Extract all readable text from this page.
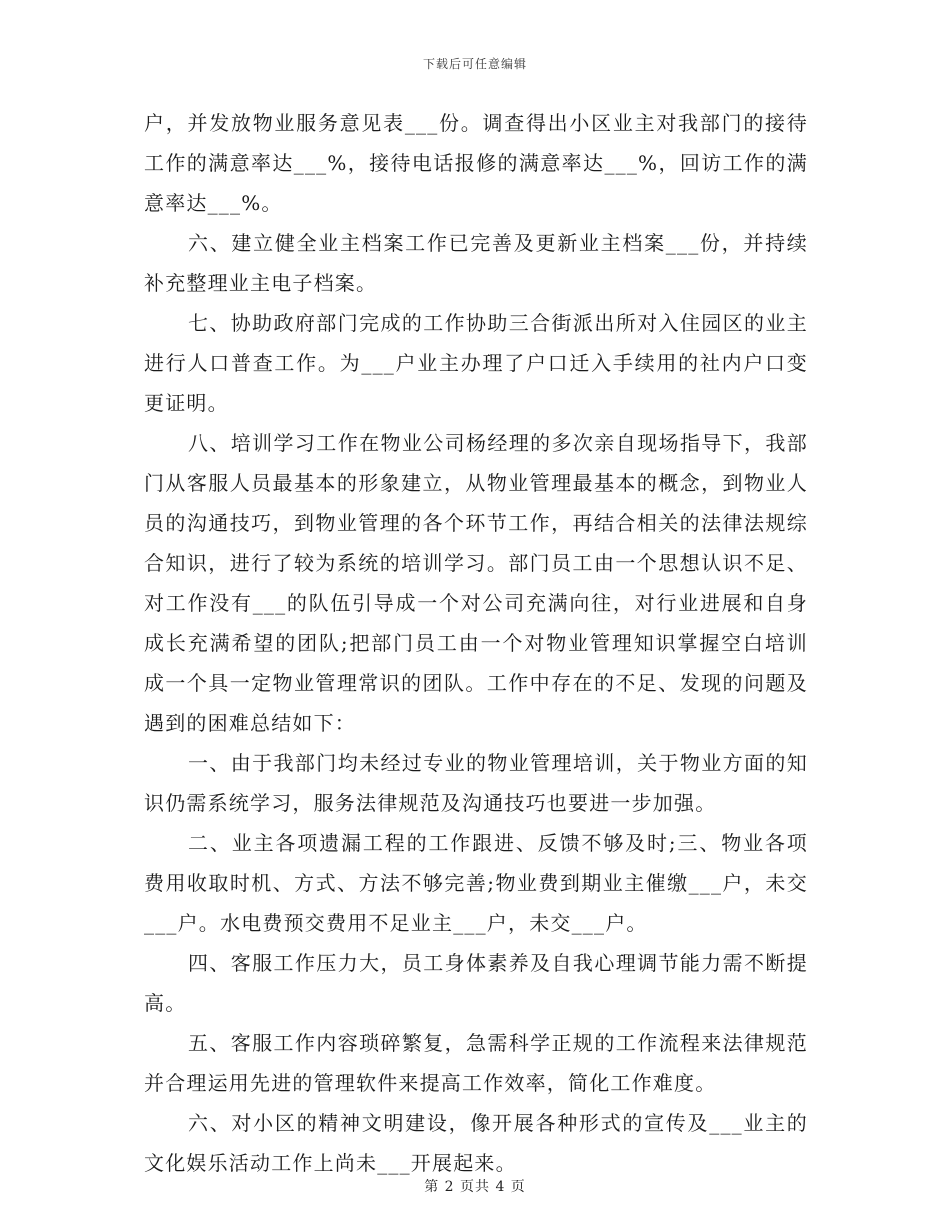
下载后可任意编辑

户，并发放物业服务意见表___份。调查得出小区业主对我部门的接待工作的满意率达___%，接待电话报修的满意率达___%，回访工作的满意率达___%。

六、建立健全业主档案工作已完善及更新业主档案___份，并持续补充整理业主电子档案。

七、协助政府部门完成的工作协助三合街派出所对入住园区的业主进行人口普查工作。为___户业主办理了户口迁入手续用的社内户口变更证明。

八、培训学习工作在物业公司杨经理的多次亲自现场指导下，我部门从客服人员最基本的形象建立，从物业管理最基本的概念，到物业人员的沟通技巧，到物业管理的各个环节工作，再结合相关的法律法规综合知识，进行了较为系统的培训学习。部门员工由一个思想认识不足、对工作没有___的队伍引导成一个对公司充满向往，对行业进展和自身成长充满希望的团队;把部门员工由一个对物业管理知识掌握空白培训成一个具一定物业管理常识的团队。工作中存在的不足、发现的问题及遇到的困难总结如下：

一、由于我部门均未经过专业的物业管理培训，关于物业方面的知识仍需系统学习，服务法律规范及沟通技巧也要进一步加强。

二、业主各项遗漏工程的工作跟进、反馈不够及时;三、物业各项费用收取时机、方式、方法不够完善;物业费到期业主催缴___户，未交___户。水电费预交费用不足业主___户，未交___户。

四、客服工作压力大，员工身体素养及自我心理调节能力需不断提高。

五、客服工作内容琐碎繁复，急需科学正规的工作流程来法律规范并合理运用先进的管理软件来提高工作效率，简化工作难度。

六、对小区的精神文明建设，像开展各种形式的宣传及___业主的文化娱乐活动工作上尚未___开展起来。

第 2 页共 4 页
